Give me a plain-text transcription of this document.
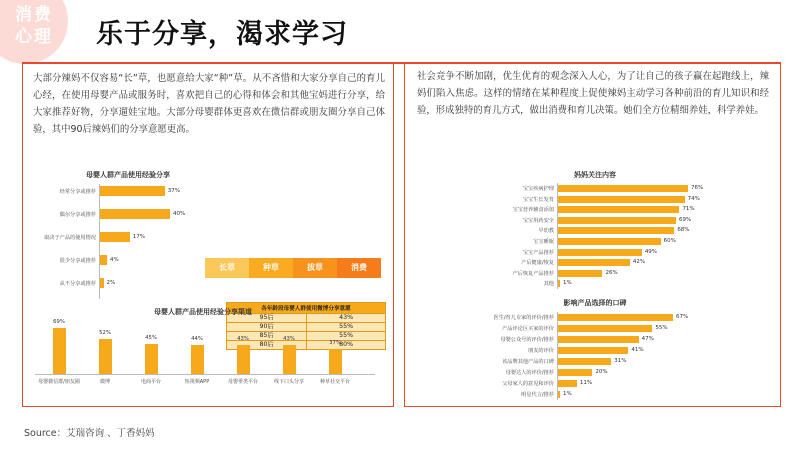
消费
心理	乐于分享，渴求学习
大部分辣妈不仅容易“长”草，也愿意给大家“种”草。从不吝惜和大家分享自己的育儿心经，在使用母婴产品或服务时，喜欢把自己的心得和体会和其他宝妈进行分享，给大家推荐好物，分享遛娃宝地。大部分母婴群体更喜欢在微信群或朋友圈分享自己体验，其中90后辣妈们的分享意愿更高。
母婴人群产品使用经验分享
经常分享或推荐	37%
偶尔分享或推荐	40%
取决于产品的使用情况	17%
很少分享或推荐	4%
从不分享或推荐 2%
长草	种草	拔草	消费
各年龄段母婴人群使用微博分享意愿	
95后	43%
90后	55%
85后	55%
80后	80%
母婴人群产品使用经验分享渠道
69%
母婴微信群/朋友圈
52%
微博
45%
电商平台
44%
短视频APP
43%
母婴垂类平台
43%
线下口头分享
37%
种草社交平台
社会竞争不断加剧，优生优育的观念深入人心，为了让自己的孩子赢在起跑线上，辣妈们陷入焦虑。这样的情绪在某种程度上促使辣妈主动学习各种前沿的育儿知识和经验，形成独特的育儿方式，做出消费和育儿决策。她们全方位精细养娃，科学养娃。
妈妈关注内容
宝宝疾病护理	76%
宝宝生长发育	74%
宝宝营养辅食添加	71%
宝宝用药安全	69%
早幼教	68%
宝宝睡眠	60%
宝宝产品推荐	49%
产后健康/恢复	42%
产后恢复产品推荐	26%
其他 1%
影响产品选择的口碑
医生/育儿专家的评价/推荐	67%
产品评论区买家的评价	55%
母婴公众号的评价/推荐	47%
朋友的评价	41%
该品牌其他产品的口碑	31%
母婴达人的评价/推荐	20%
父母家人的意见和评价	11%
明星代言/推荐 1%
Source：艾瑞咨询 、丁香妈妈
